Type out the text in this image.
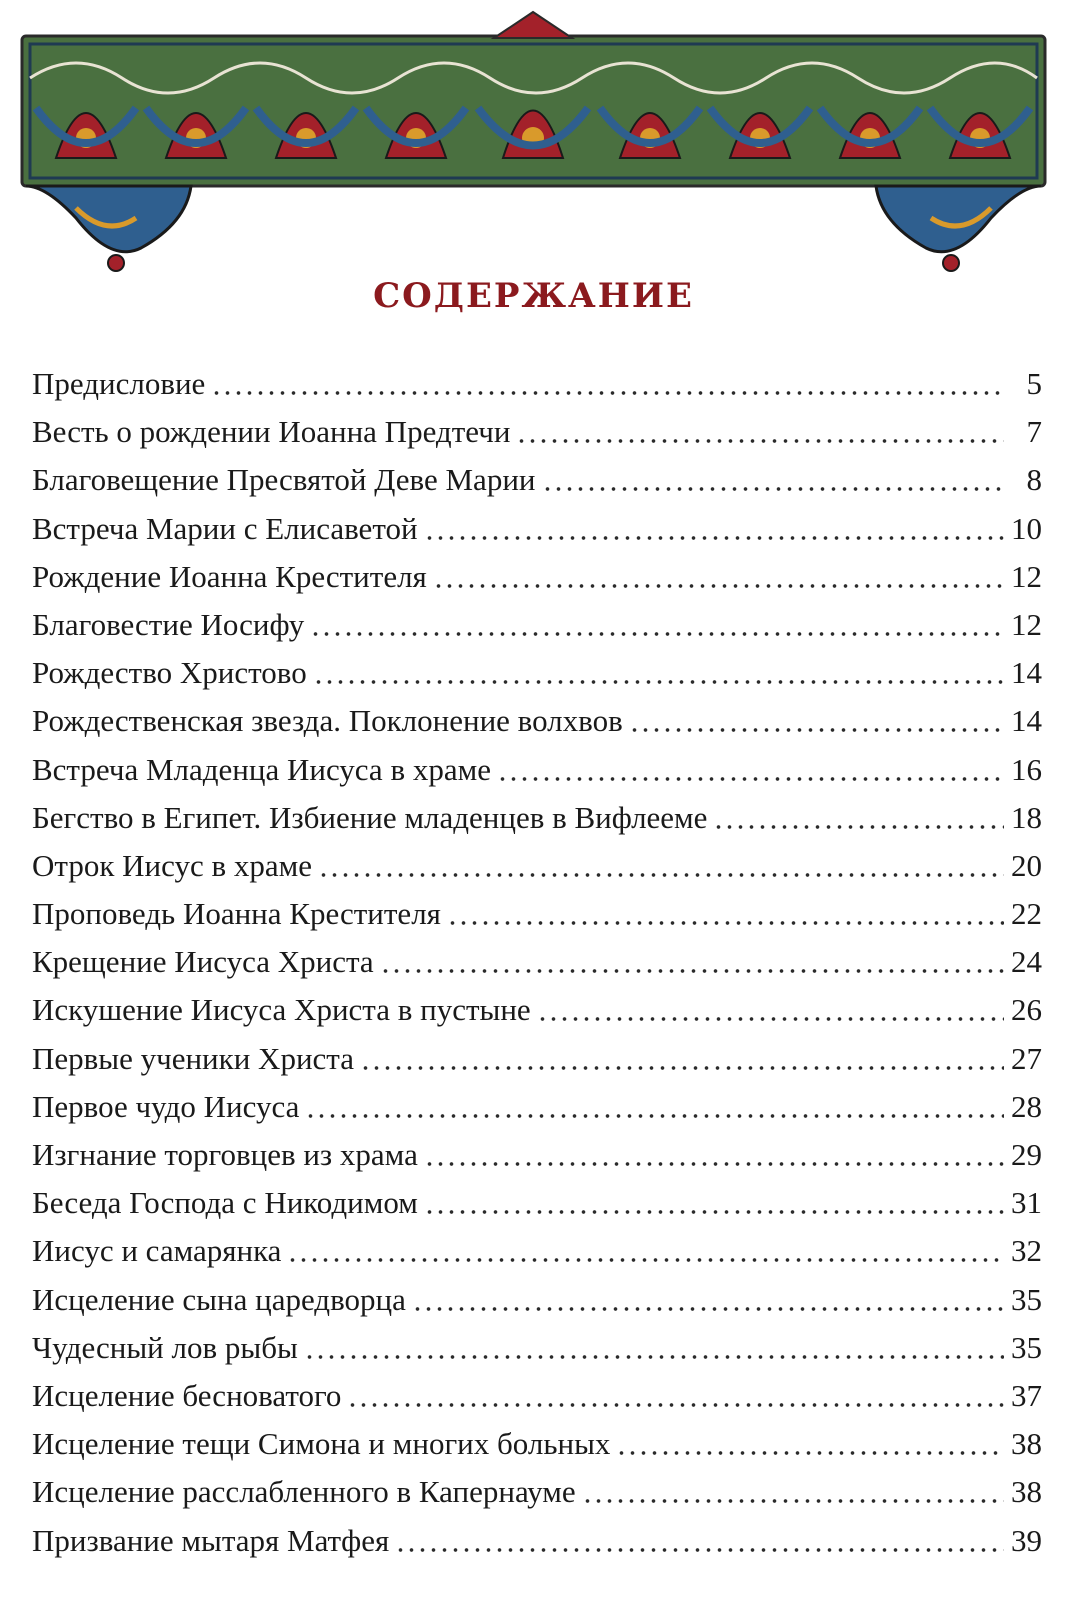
СОДЕРЖАНИЕ
Предисловие	5
Весть о рождении Иоанна Предтечи	7
Благовещение Пресвятой Деве Марии	8
Встреча Марии с Елисаветой	10
Рождение Иоанна Крестителя	12
Благовестие Иосифу	12
Рождество Христово	14
Рождественская звезда. Поклонение волхвов	14
Встреча Младенца Иисуса в храме	16
Бегство в Египет. Избиение младенцев в Вифлееме	18
Отрок Иисус в храме	20
Проповедь Иоанна Крестителя	22
Крещение Иисуса Христа	24
Искушение Иисуса Христа в пустыне	26
Первые ученики Христа	27
Первое чудо Иисуса	28
Изгнание торговцев из храма	29
Беседа Господа с Никодимом	31
Иисус и самарянка	32
Исцеление сына царедворца	35
Чудесный лов рыбы	35
Исцеление бесноватого	37
Исцеление тещи Симона и многих больных	38
Исцеление расслабленного в Капернауме	38
Призвание мытаря Матфея	39
